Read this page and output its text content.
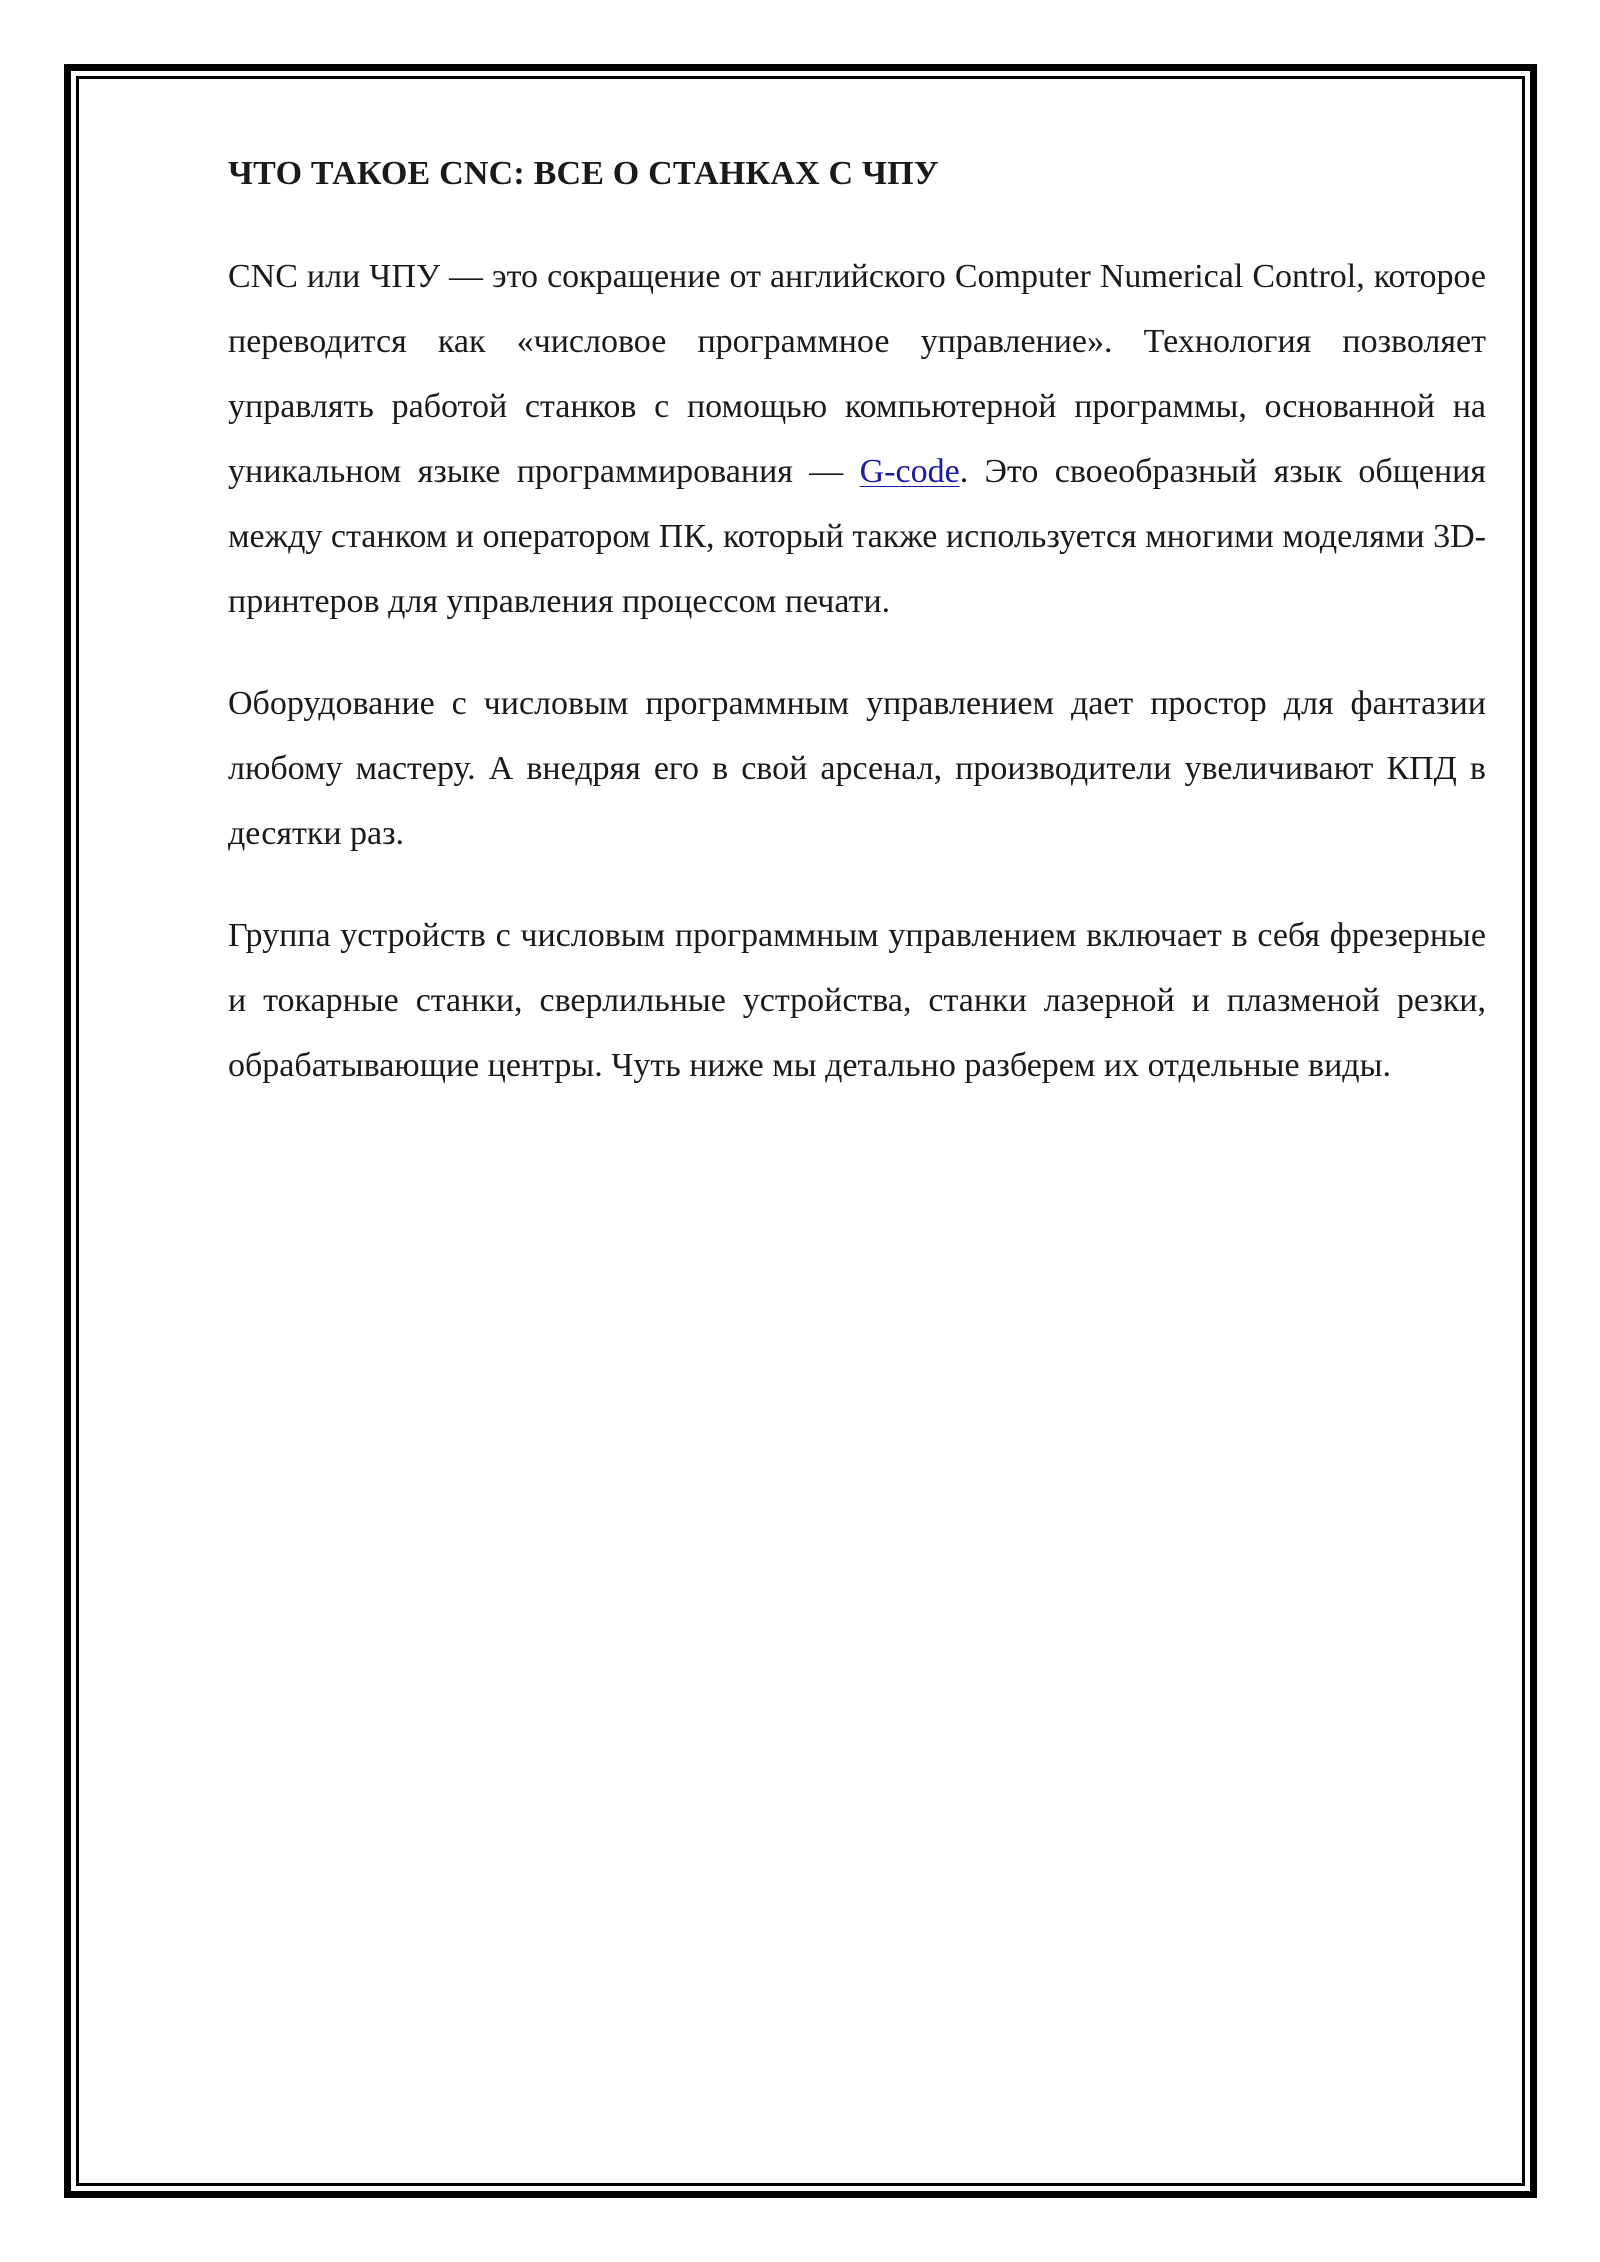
ЧТО ТАКОЕ CNC: ВСЕ О СТАНКАХ С ЧПУ

CNC или ЧПУ — это сокращение от английского Computer Numerical Control, которое переводится как «числовое программное управление». Технология позволяет управлять работой станков с помощью компьютерной программы, основанной на уникальном языке программирования — G-code. Это своеобразный язык общения между станком и оператором ПК, который также используется многими моделями 3D-принтеров для управления процессом печати.

Оборудование с числовым программным управлением дает простор для фантазии любому мастеру. А внедряя его в свой арсенал, производители увеличивают КПД в десятки раз.

Группа устройств с числовым программным управлением включает в себя фрезерные и токарные станки, сверлильные устройства, станки лазерной и плазменой резки, обрабатывающие центры. Чуть ниже мы детально разберем их отдельные виды.
